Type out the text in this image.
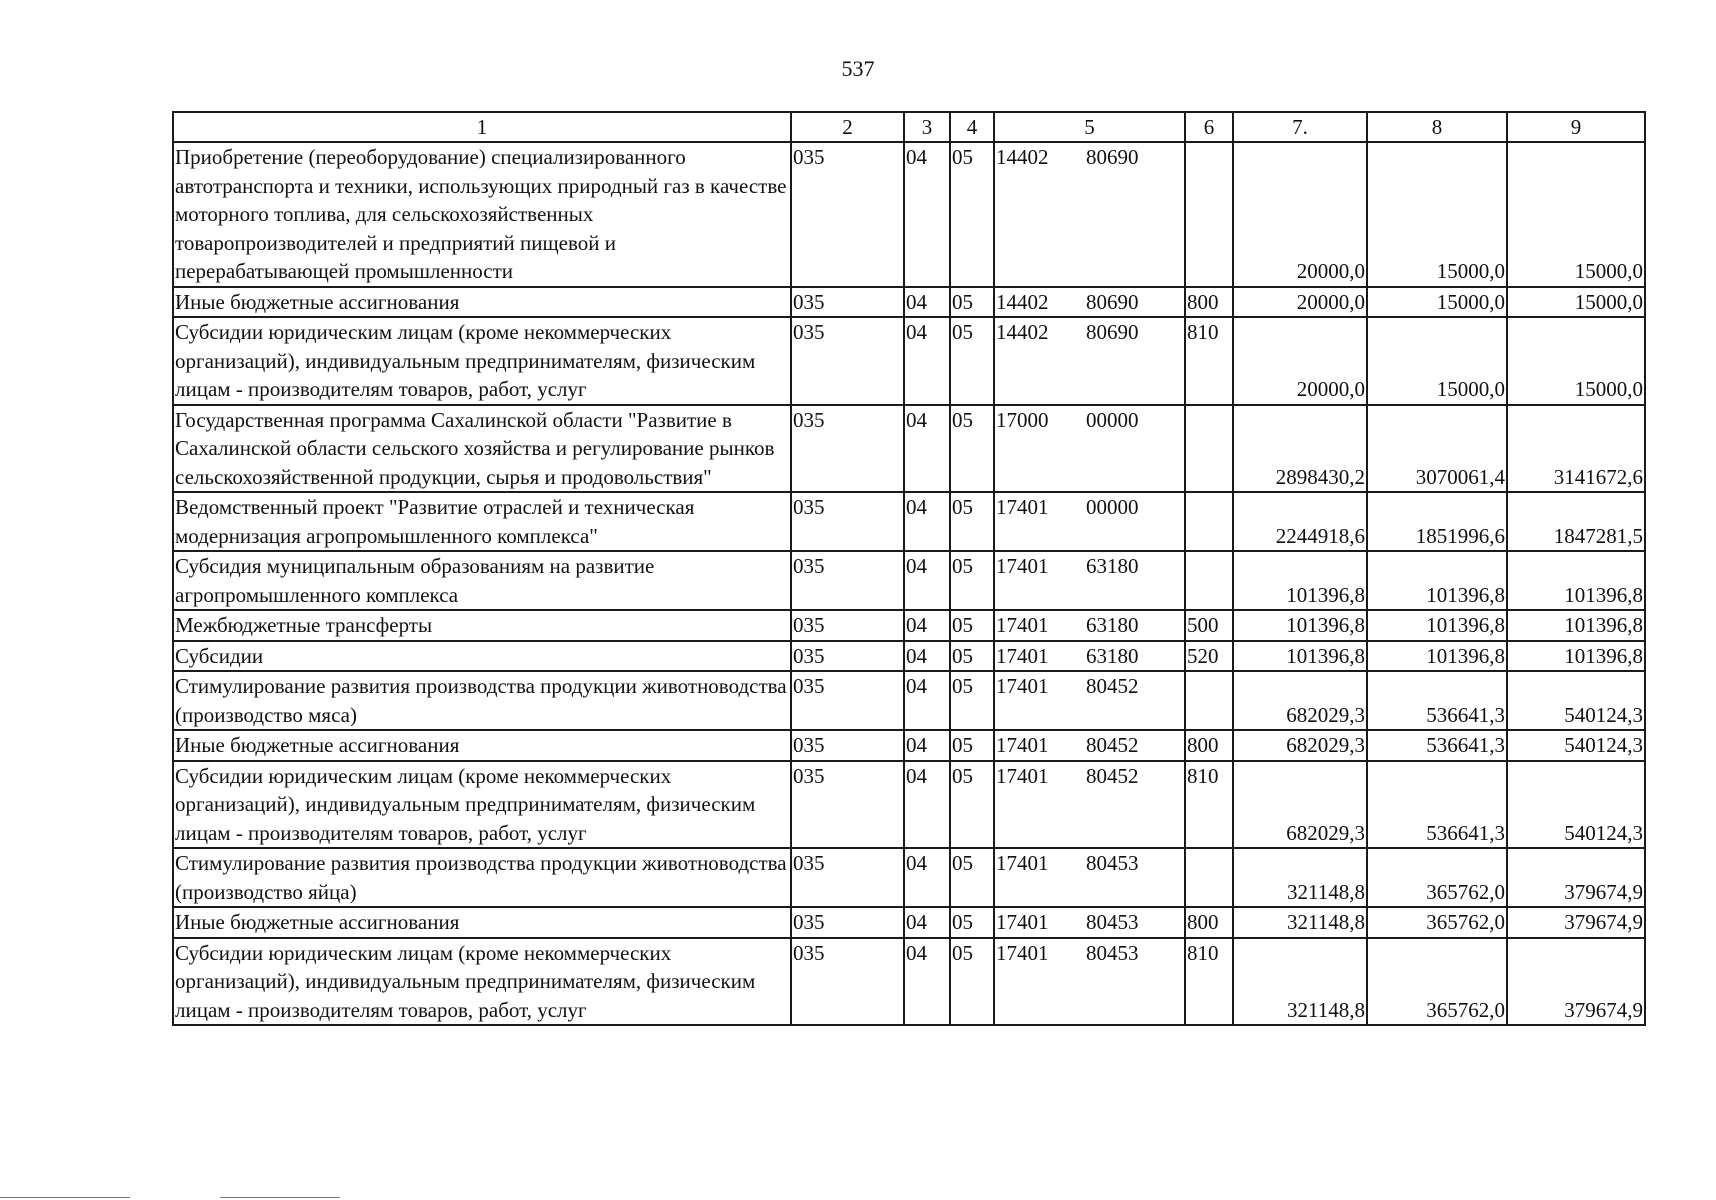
537
1	2	3	4	5	6	7.	8	9
Приобретение (переоборудование) специализированного автотранспорта и техники, использующих природный газ в качестве моторного топлива, для сельскохозяйственных товаропроизводителей и предприятий пищевой и перерабатывающей промышленности	035	04	05	14402 80690		20000,0	15000,0	15000,0
Иные бюджетные ассигнования	035	04	05	14402 80690	800	20000,0	15000,0	15000,0
Субсидии юридическим лицам (кроме некоммерческих организаций), индивидуальным предпринимателям, физическим лицам - производителям товаров, работ, услуг	035	04	05	14402 80690	810	20000,0	15000,0	15000,0
Государственная программа Сахалинской области "Развитие в Сахалинской области сельского хозяйства и регулирование рынков сельскохозяйственной продукции, сырья и продовольствия"	035	04	05	17000 00000		2898430,2	3070061,4	3141672,6
Ведомственный проект "Развитие отраслей и техническая модернизация агропромышленного комплекса"	035	04	05	17401 00000		2244918,6	1851996,6	1847281,5
Субсидия муниципальным образованиям на развитие агропромышленного комплекса	035	04	05	17401 63180		101396,8	101396,8	101396,8
Межбюджетные трансферты	035	04	05	17401 63180	500	101396,8	101396,8	101396,8
Субсидии	035	04	05	17401 63180	520	101396,8	101396,8	101396,8
Стимулирование развития производства продукции животноводства (производство мяса)	035	04	05	17401 80452		682029,3	536641,3	540124,3
Иные бюджетные ассигнования	035	04	05	17401 80452	800	682029,3	536641,3	540124,3
Субсидии юридическим лицам (кроме некоммерческих организаций), индивидуальным предпринимателям, физическим лицам - производителям товаров, работ, услуг	035	04	05	17401 80452	810	682029,3	536641,3	540124,3
Стимулирование развития производства продукции животноводства (производство яйца)	035	04	05	17401 80453		321148,8	365762,0	379674,9
Иные бюджетные ассигнования	035	04	05	17401 80453	800	321148,8	365762,0	379674,9
Субсидии юридическим лицам (кроме некоммерческих организаций), индивидуальным предпринимателям, физическим лицам - производителям товаров, работ, услуг	035	04	05	17401 80453	810	321148,8	365762,0	379674,9
